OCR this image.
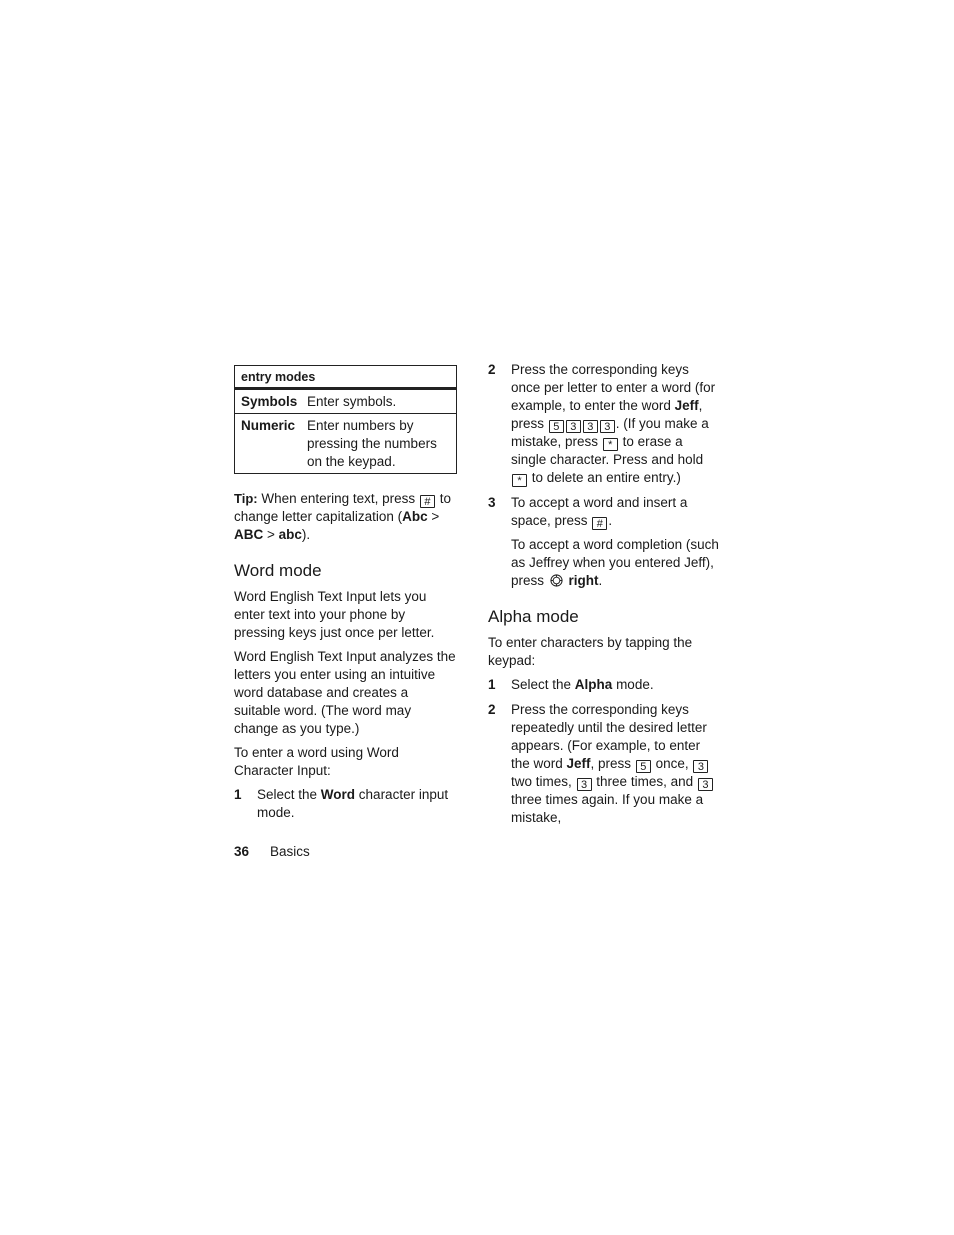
entry modes	
Symbols	Enter symbols.
Numeric	Enter numbers by pressing the numbers on the keypad.

Tip: When entering text, press # to change letter capitalization (Abc > ABC > abc).

Word mode

Word English Text Input lets you enter text into your phone by pressing keys just once per letter.

Word English Text Input analyzes the letters you enter using an intuitive word database and creates a suitable word. (The word may change as you type.)

To enter a word using Word Character Input:

1 Select the Word character input mode.
2 Press the corresponding keys once per letter to enter a word (for example, to enter the word Jeff, press 5 3 3 3 . (If you make a mistake, press * to erase a single character. Press and hold * to delete an entire entry.)
3 To accept a word and insert a space, press # .

To accept a word completion (such as Jeffrey when you entered Jeff), press right.

Alpha mode

To enter characters by tapping the keypad:

1 Select the Alpha mode.
2 Press the corresponding keys repeatedly until the desired letter appears. (For example, to enter the word Jeff, press 5 once, 3 two times, 3 three times, and 3 three times again. If you make a mistake,
36 Basics
